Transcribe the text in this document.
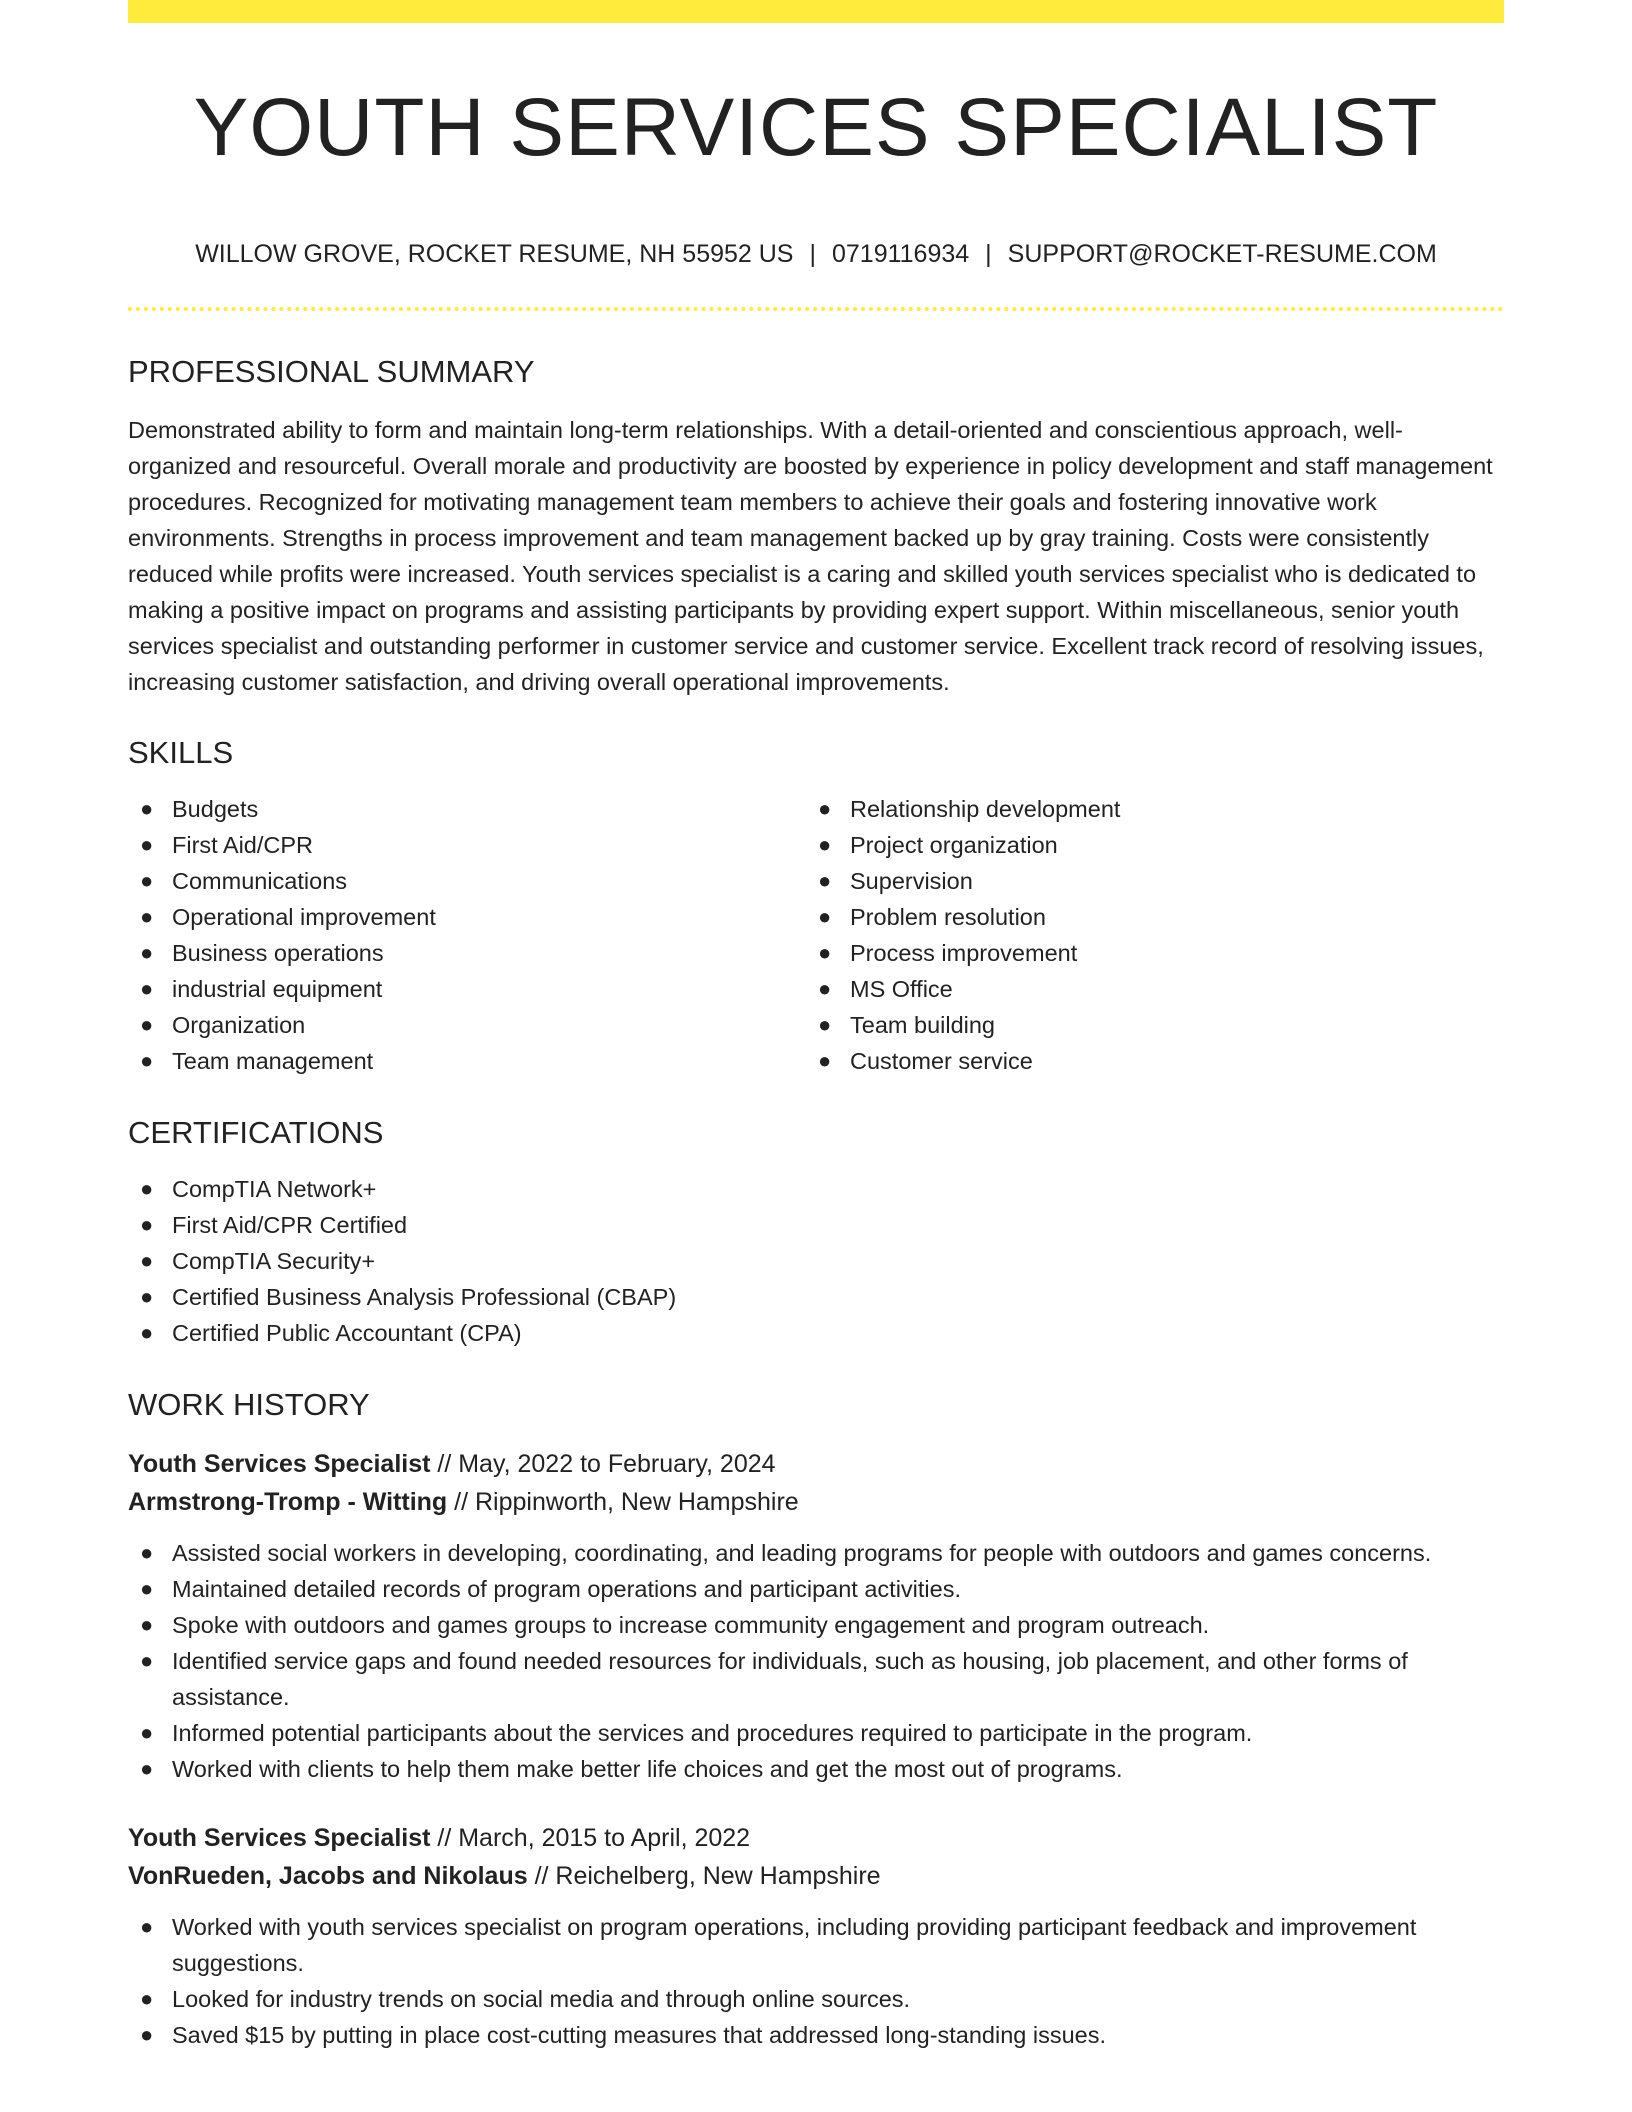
YOUTH SERVICES SPECIALIST
WILLOW GROVE, ROCKET RESUME, NH 55952 US | 0719116934 | SUPPORT@ROCKET-RESUME.COM
PROFESSIONAL SUMMARY

Demonstrated ability to form and maintain long-term relationships. With a detail-oriented and conscientious approach, well-organized and resourceful. Overall morale and productivity are boosted by experience in policy development and staff management procedures. Recognized for motivating management team members to achieve their goals and fostering innovative work environments. Strengths in process improvement and team management backed up by gray training. Costs were consistently reduced while profits were increased. Youth services specialist is a caring and skilled youth services specialist who is dedicated to making a positive impact on programs and assisting participants by providing expert support. Within miscellaneous, senior youth services specialist and outstanding performer in customer service and customer service. Excellent track record of resolving issues, increasing customer satisfaction, and driving overall operational improvements.

SKILLS
● Budgets
● First Aid/CPR
● Communications
● Operational improvement
● Business operations
● industrial equipment
● Organization
● Team management
● Relationship development
● Project organization
● Supervision
● Problem resolution
● Process improvement
● MS Office
● Team building
● Customer service
CERTIFICATIONS
● CompTIA Network+
● First Aid/CPR Certified
● CompTIA Security+
● Certified Business Analysis Professional (CBAP)
● Certified Public Accountant (CPA)
WORK HISTORY
Youth Services Specialist // May, 2022 to February, 2024
Armstrong-Tromp - Witting // Rippinworth, New Hampshire
● Assisted social workers in developing, coordinating, and leading programs for people with outdoors and games concerns.
● Maintained detailed records of program operations and participant activities.
● Spoke with outdoors and games groups to increase community engagement and program outreach.
● Identified service gaps and found needed resources for individuals, such as housing, job placement, and other forms of assistance.
● Informed potential participants about the services and procedures required to participate in the program.
● Worked with clients to help them make better life choices and get the most out of programs.
Youth Services Specialist // March, 2015 to April, 2022
VonRueden, Jacobs and Nikolaus // Reichelberg, New Hampshire
● Worked with youth services specialist on program operations, including providing participant feedback and improvement suggestions.
● Looked for industry trends on social media and through online sources.
● Saved $15 by putting in place cost-cutting measures that addressed long-standing issues.
